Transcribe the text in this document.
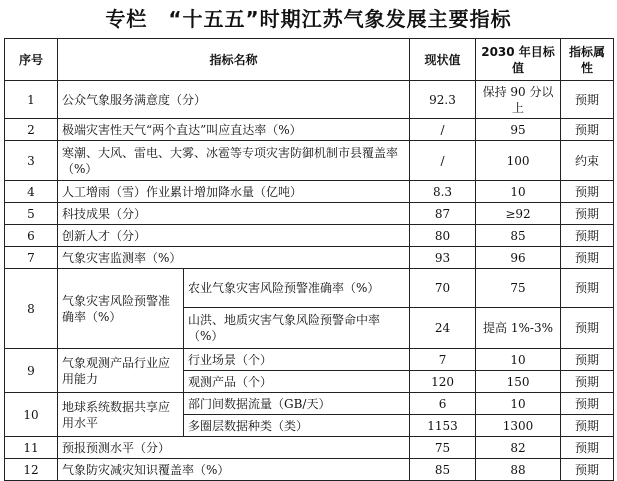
专栏　“十五五”时期江苏气象发展主要指标
序号	指标名称		现状值	2030 年目标值	指标属性
1	公众气象服务满意度（分）		92.3	保持 90 分以上	预期
2	极端灾害性天气“两个直达”叫应直达率（%）		/	95	预期
3	寒潮、大风、雷电、大雾、冰雹等专项灾害防御机制市县覆盖率（%）		/	100	约束
4	人工增雨（雪）作业累计增加降水量（亿吨）		8.3	10	预期
5	科技成果（分）		87	≥92	预期
6	创新人才（分）		80	85	预期
7	气象灾害监测率（%）		93	96	预期
8	气象灾害风险预警准确率（%）	农业气象灾害风险预警准确率（%）	70	75	预期
		山洪、地质灾害气象风险预警命中率（%）	24	提高 1%-3%	预期
9	气象观测产品行业应用能力	行业场景（个）	7	10	预期
		观测产品（个）	120	150	预期
10	地球系统数据共享应用水平	部门间数据流量（GB/天）	6	10	预期
		多圈层数据种类（类）	1153	1300	预期
11	预报预测水平（分）		75	82	预期
12	气象防灾减灾知识覆盖率（%）		85	88	预期
